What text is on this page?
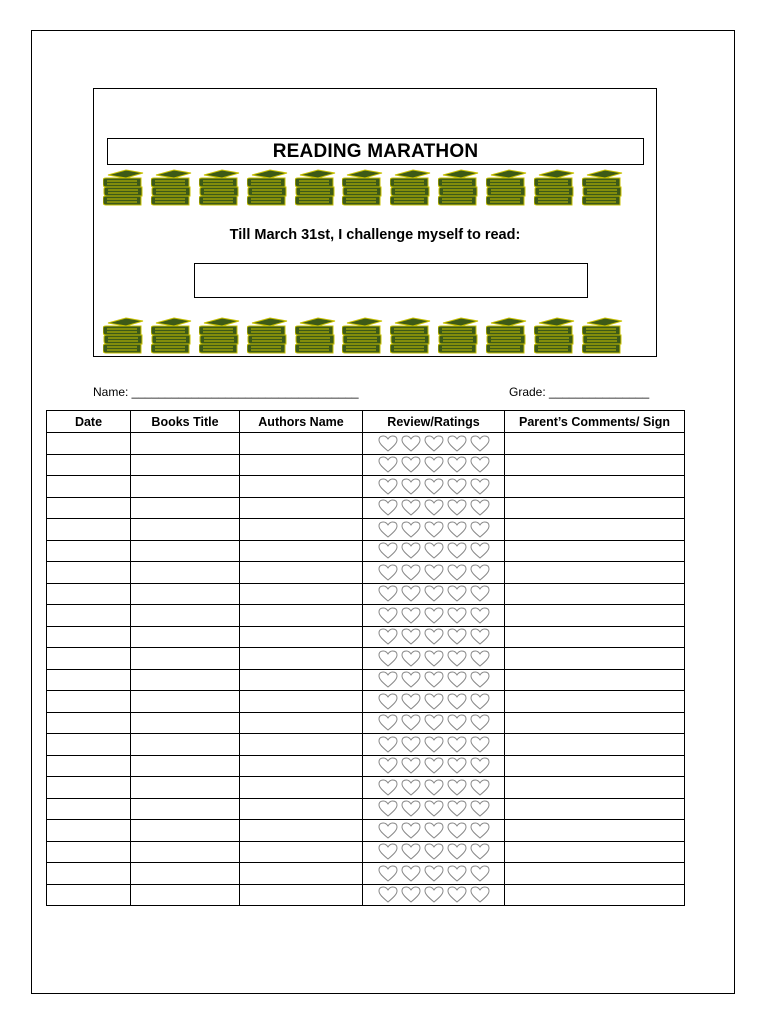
READING MARATHON
Till March 31st, I challenge myself to read:
Name: __________________________________	Grade: _______________
Date	Books Title	Authors Name	Review/Ratings	Parent’s Comments/ Sign
